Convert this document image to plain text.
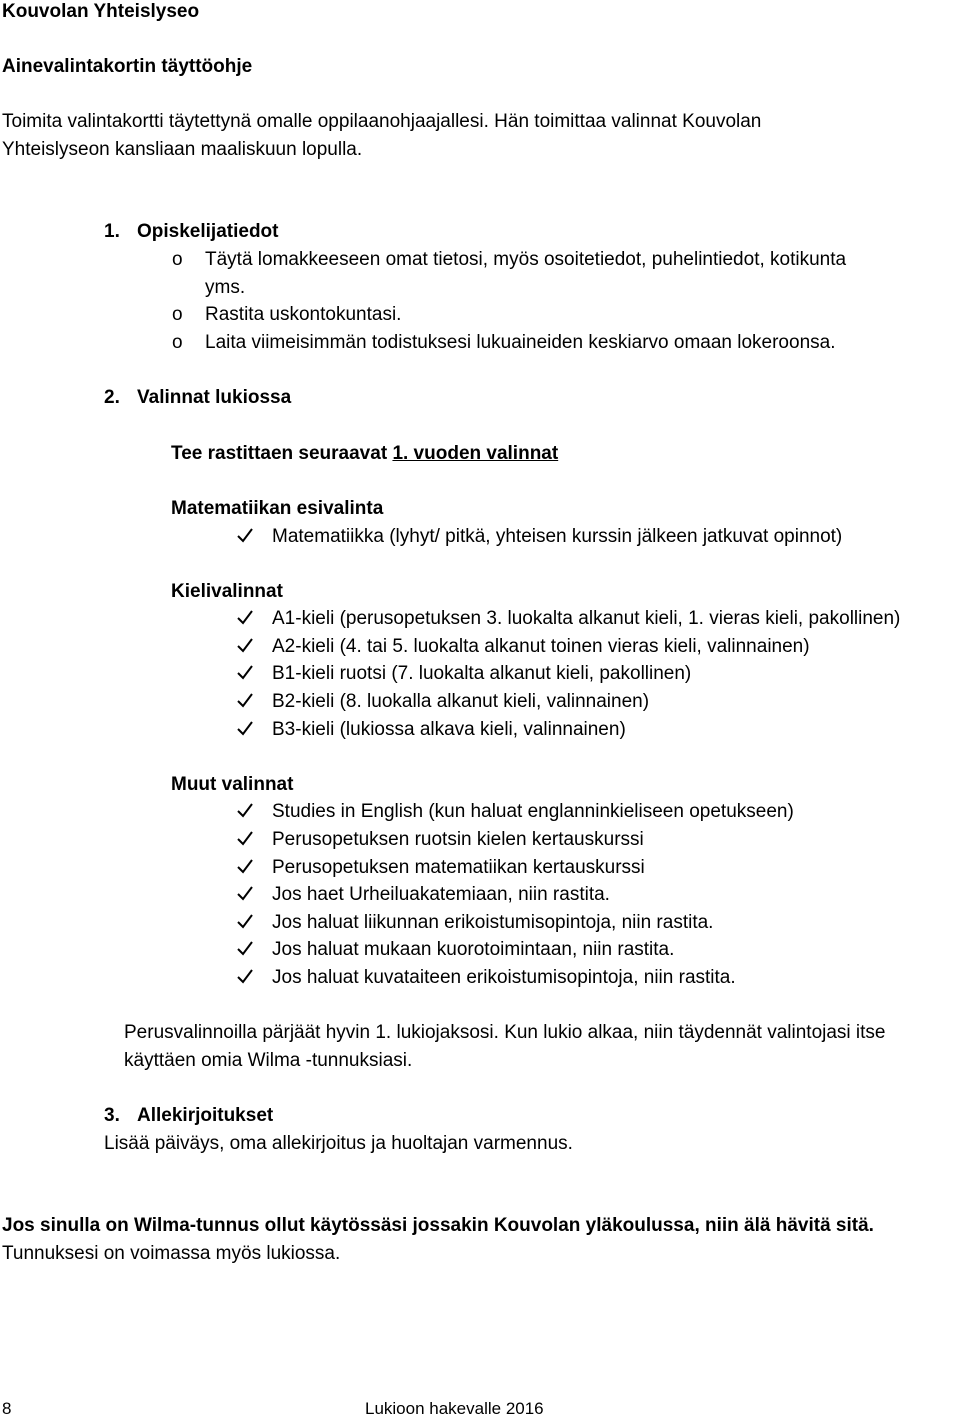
Kouvolan Yhteislyseo
Ainevalintakortin täyttöohje
Toimita valintakortti täytettynä omalle oppilaanohjaajallesi. Hän toimittaa valinnat Kouvolan
Yhteislyseon kansliaan maaliskuun lopulla.
1. Opiskelijatiedot
o Täytä lomakkeeseen omat tietosi, myös osoitetiedot, puhelintiedot, kotikunta
yms.
o Rastita uskontokuntasi.
o Laita viimeisimmän todistuksesi lukuaineiden keskiarvo omaan lokeroonsa.
2. Valinnat lukiossa
Tee rastittaen seuraavat 1. vuoden valinnat
Matematiikan esivalinta
Matematiikka (lyhyt/ pitkä, yhteisen kurssin jälkeen jatkuvat opinnot)
Kielivalinnat
A1-kieli (perusopetuksen 3. luokalta alkanut kieli, 1. vieras kieli, pakollinen)
A2-kieli (4. tai 5. luokalta alkanut toinen vieras kieli, valinnainen)
B1-kieli ruotsi (7. luokalta alkanut kieli, pakollinen)
B2-kieli (8. luokalla alkanut kieli, valinnainen)
B3-kieli (lukiossa alkava kieli, valinnainen)
Muut valinnat
Studies in English (kun haluat englanninkieliseen opetukseen)
Perusopetuksen ruotsin kielen kertauskurssi
Perusopetuksen matematiikan kertauskurssi
Jos haet Urheiluakatemiaan, niin rastita.
Jos haluat liikunnan erikoistumisopintoja, niin rastita.
Jos haluat mukaan kuorotoimintaan, niin rastita.
Jos haluat kuvataiteen erikoistumisopintoja, niin rastita.
Perusvalinnoilla pärjäät hyvin 1. lukiojaksosi. Kun lukio alkaa, niin täydennät valintojasi itse
käyttäen omia Wilma -tunnuksiasi.
3. Allekirjoitukset
Lisää päiväys, oma allekirjoitus ja huoltajan varmennus.
Jos sinulla on Wilma-tunnus ollut käytössäsi jossakin Kouvolan yläkoulussa, niin älä hävitä sitä.
Tunnuksesi on voimassa myös lukiossa.
8	Lukioon hakevalle 2016
